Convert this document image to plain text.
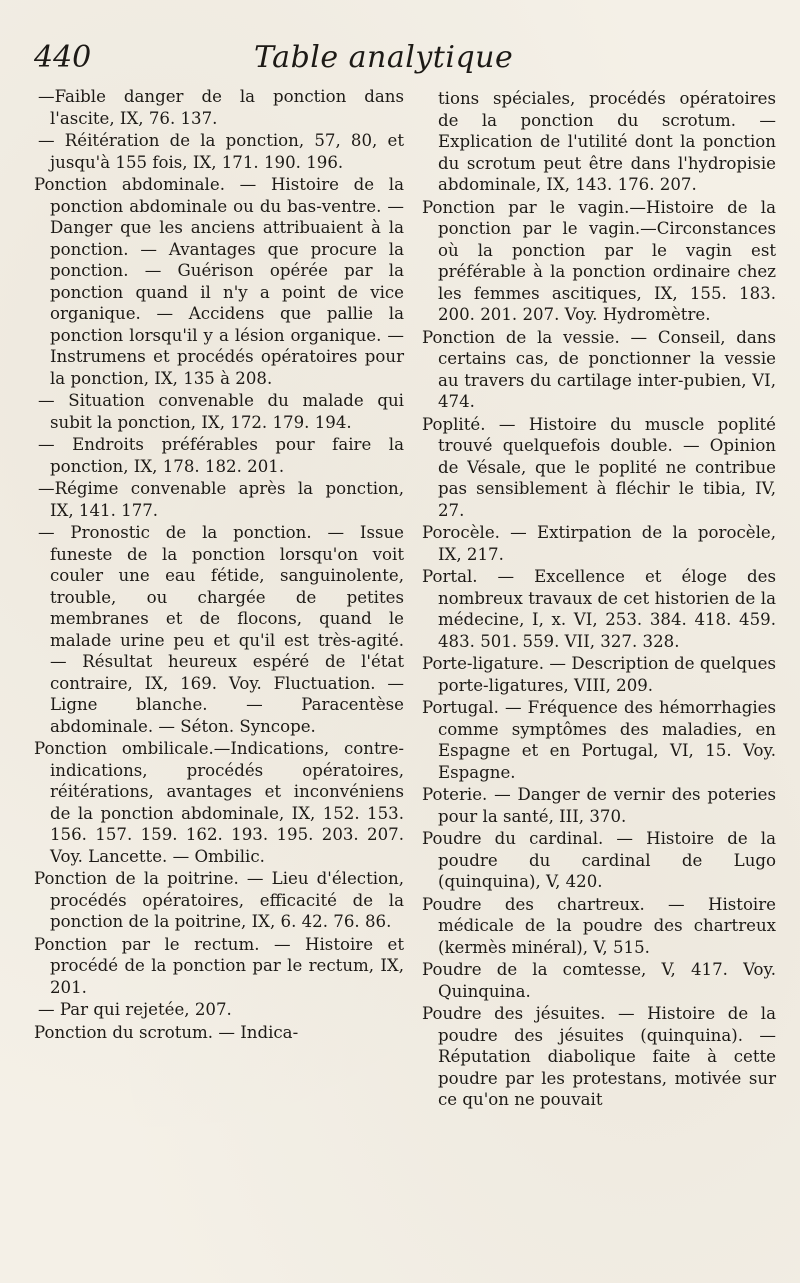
440	Table analytique

—Faible danger de la ponction dans l'ascite, IX, 76. 137.

— Réitération de la ponction, 57, 80, et jusqu'à 155 fois, IX, 171. 190. 196.

Ponction abdominale. — Histoire de la ponction abdominale ou du bas-ventre. — Danger que les anciens attribuaient à la ponction. — Avantages que procure la ponction. — Guérison opérée par la ponction quand il n'y a point de vice organique. — Accidens que pallie la ponction lorsqu'il y a lésion organique. — Instrumens et procédés opératoires pour la ponction, IX, 135 à 208.

— Situation convenable du malade qui subit la ponction, IX, 172. 179. 194.

— Endroits préférables pour faire la ponction, IX, 178. 182. 201.

—Régime convenable après la ponction, IX, 141. 177.

— Pronostic de la ponction. — Issue funeste de la ponction lorsqu'on voit couler une eau fétide, sanguinolente, trouble, ou chargée de petites membranes et de flocons, quand le malade urine peu et qu'il est très-agité. — Résultat heureux espéré de l'état contraire, IX, 169. Voy. Fluctuation. — Ligne blanche. — Paracentèse abdominale. — Séton. Syncope.

Ponction ombilicale.—Indications, contre-indications, procédés opératoires, réitérations, avantages et inconvéniens de la ponction abdominale, IX, 152. 153. 156. 157. 159. 162. 193. 195. 203. 207. Voy. Lancette. — Ombilic.

Ponction de la poitrine. — Lieu d'élection, procédés opératoires, efficacité de la ponction de la poitrine, IX, 6. 42. 76. 86.

Ponction par le rectum. — Histoire et procédé de la ponction par le rectum, IX, 201.

— Par qui rejetée, 207.

Ponction du scrotum. — Indica-

tions spéciales, procédés opératoires de la ponction du scrotum. — Explication de l'utilité dont la ponction du scrotum peut être dans l'hydropisie abdominale, IX, 143. 176. 207.

Ponction par le vagin.—Histoire de la ponction par le vagin.—Circonstances où la ponction par le vagin est préférable à la ponction ordinaire chez les femmes ascitiques, IX, 155. 183. 200. 201. 207. Voy. Hydromètre.

Ponction de la vessie. — Conseil, dans certains cas, de ponctionner la vessie au travers du cartilage inter-pubien, VI, 474.

Poplité. — Histoire du muscle poplité trouvé quelquefois double. — Opinion de Vésale, que le poplité ne contribue pas sensiblement à fléchir le tibia, IV, 27.

Porocèle. — Extirpation de la porocèle, IX, 217.

Portal. — Excellence et éloge des nombreux travaux de cet historien de la médecine, I, x. VI, 253. 384. 418. 459. 483. 501. 559. VII, 327. 328.

Porte-ligature. — Description de quelques porte-ligatures, VIII, 209.

Portugal. — Fréquence des hémorrhagies comme symptômes des maladies, en Espagne et en Portugal, VI, 15. Voy. Espagne.

Poterie. — Danger de vernir des poteries pour la santé, III, 370.

Poudre du cardinal. — Histoire de la poudre du cardinal de Lugo (quinquina), V, 420.

Poudre des chartreux. — Histoire médicale de la poudre des chartreux (kermès minéral), V, 515.

Poudre de la comtesse, V, 417. Voy. Quinquina.

Poudre des jésuites. — Histoire de la poudre des jésuites (quinquina). — Réputation diabolique faite à cette poudre par les protestans, motivée sur ce qu'on ne pouvait
